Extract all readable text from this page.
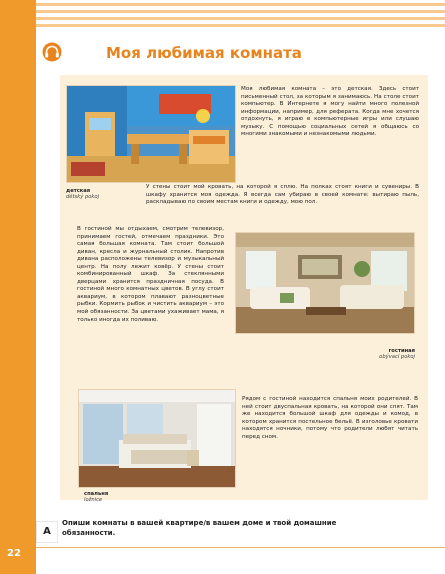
Моя любимая комната
детская
dětský pokoj
Моя любимая комната – это детская. Здесь стоит письменный стол, за которым я занимаюсь. На столе стоит компьютер. В Интернете я могу найти много полезной информации, например, для реферата. Когда мне хочется отдохнуть, я играю в компьютерные игры или слушаю музыку. С помощью социальных сетей я общаюсь со многими знакомыми и незнакомыми людьми.
У стены стоит мой кровать, на которой я сплю. На полках стоят книги и сувениры. В шкафу хранится моя одежда. Я всегда сам убираю в своей комнате: вытираю пыль, раскладываю по своим местам книги и одежду, мою пол.
В гостиной мы отдыхаем, смотрим телевизор, принимаем гостей, отмечаем праздники. Это самая большая комната. Там стоит большой диван, кресла и журнальный столик. Напротив дивана расположены телевизор и музыкальный центр. На полу лежит ковёр. У стены стоит комбинированный шкаф. За стеклянными дверцами хранится праздничная посуда. В гостиной много комнатных цветов. В углу стоит аквариум, в котором плавают разноцветные рыбки. Кормить рыбок и чистить аквариум – это мой обязанности. За цветами ухаживает мама, я только иногда их поливаю.
гостиная
obývací pokoj
спальня
ložnice
Рядом с гостиной находится спальня моих родителей. В ней стоит двуспальная кровать, на которой они спят. Там же находится большой шкаф для одежды и комод, в котором хранится постельное бельё. В изголовье кровати находятся ночники, потому что родители любят читать перед сном.
A
Опиши комнаты в вашей квартире/в вашем доме и твой домашние обязанности.
22
